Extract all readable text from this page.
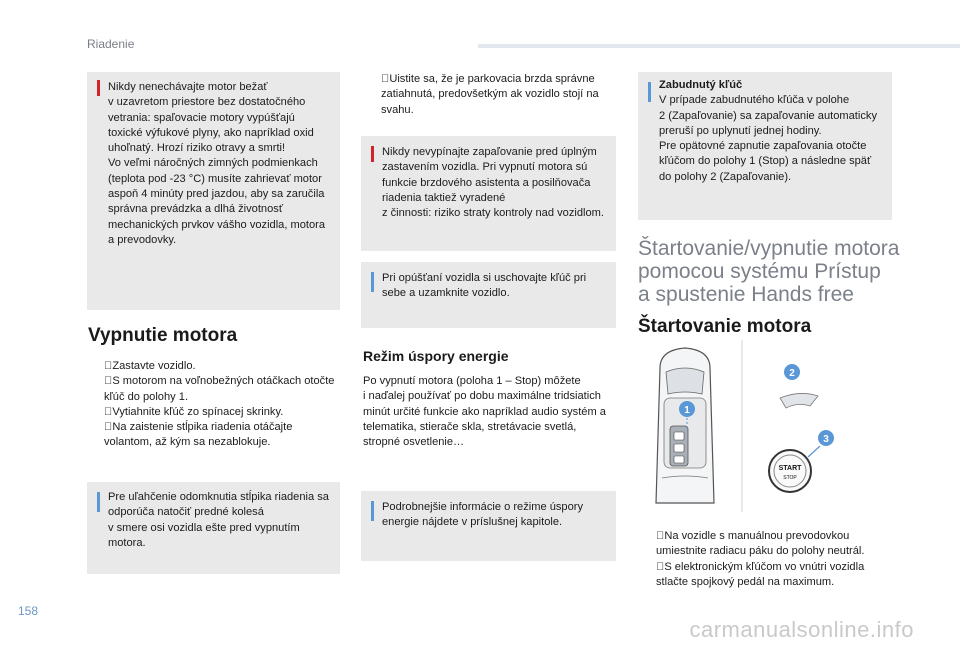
Riadenie

Nikdy nenechávajte motor bežať
v uzavretom priestore bez dostatočného vetrania: spaľovacie motory vypúšťajú toxické výfukové plyny, ako napríklad oxid uhoľnatý. Hrozí riziko otravy a smrti!
Vo veľmi náročných zimných podmienkach (teplota pod -23 °C) musíte zahrievať motor aspoň 4 minúty pred jazdou, aby sa zaručila správna prevádzka a dlhá životnosť mechanických prvkov vášho vozidla, motora a prevodovky.

Vypnutie motora
Zastavte vozidlo.
S motorom na voľnobežných otáčkach otočte kľúč do polohy 1.
Vytiahnite kľúč zo spínacej skrinky.
Na zaistenie stĺpika riadenia otáčajte volantom, až kým sa nezablokuje.

Pre uľahčenie odomknutia stĺpika riadenia sa odporúča natočiť predné kolesá
v smere osi vozidla ešte pred vypnutím motora.

Uistite sa, že je parkovacia brzda správne zatiahnutá, predovšetkým ak vozidlo stojí na svahu.

Nikdy nevypínajte zapaľovanie pred úplným zastavením vozidla. Pri vypnutí motora sú funkcie brzdového asistenta a posilňovača riadenia taktiež vyradené
z činnosti: riziko straty kontroly nad vozidlom.

Pri opúšťaní vozidla si uschovajte kľúč pri sebe a uzamknite vozidlo.

Režim úspory energie

Po vypnutí motora (poloha 1 – Stop) môžete
i naďalej používať po dobu maximálne tridsiatich minút určité funkcie ako napríklad audio systém a telematika, stierače skla, stretávacie svetlá, stropné osvetlenie…

Podrobnejšie informácie o režime úspory energie nájdete v príslušnej kapitole.

Zabudnutý kľúč

V prípade zabudnutého kľúča v polohe
2 (Zapaľovanie) sa zapaľovanie automaticky preruší po uplynutí jednej hodiny.
Pre opätovné zapnutie zapaľovania otočte kľúčom do polohy 1 (Stop) a následne späť do polohy 2 (Zapaľovanie).

Štartovanie/vypnutie motora
pomocou systému Prístup
a spustenie Hands free
Štartovanie motora
1
2
START
STOP
3
Na vozidle s manuálnou prevodovkou umiestnite radiacu páku do polohy neutrál.
S elektronickým kľúčom vo vnútri vozidla stlačte spojkový pedál na maximum.
158
carmanualsonline.info
